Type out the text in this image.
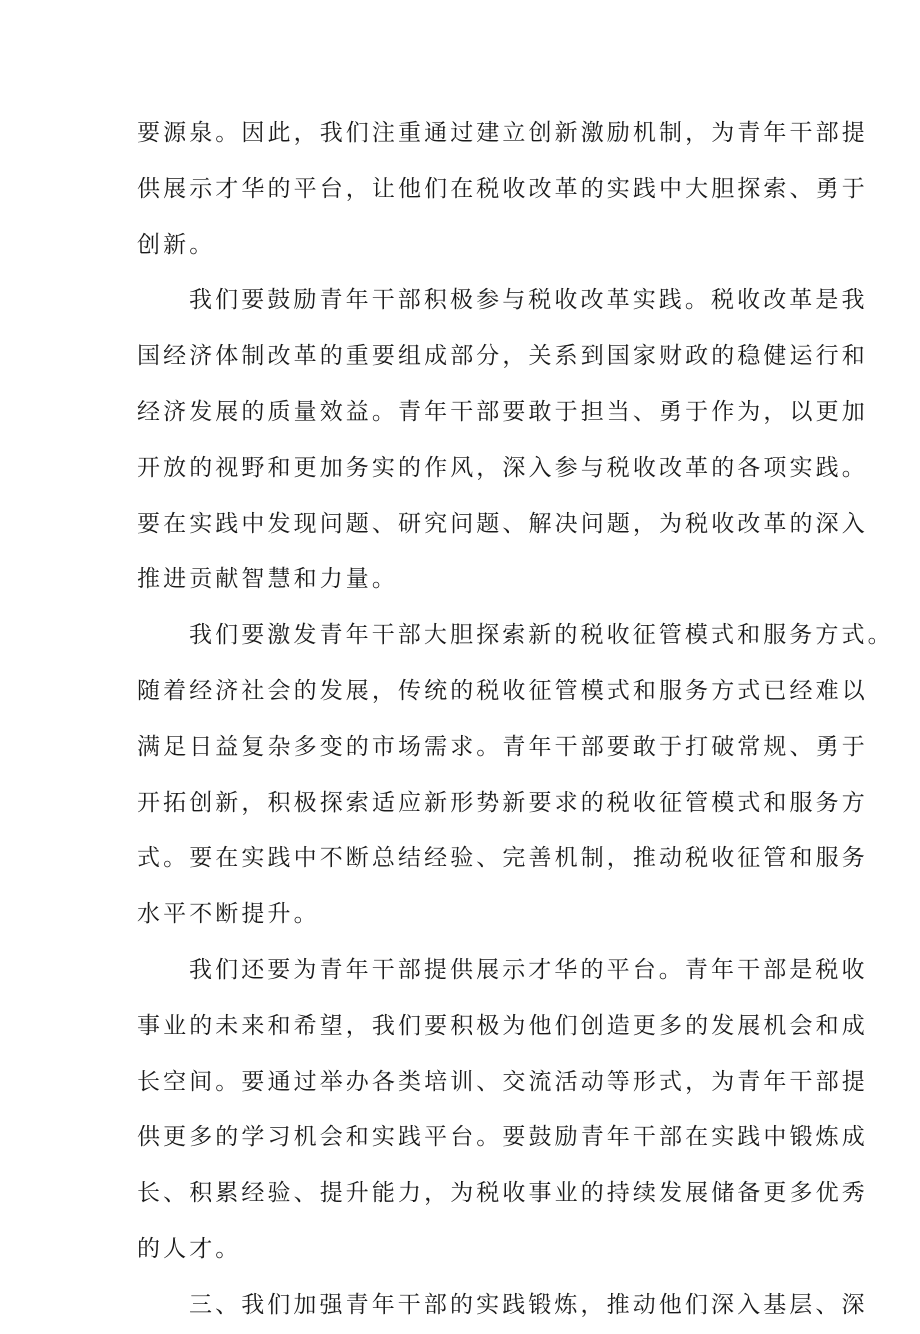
要源泉。因此，我们注重通过建立创新激励机制，为青年干部提
供展示才华的平台，让他们在税收改革的实践中大胆探索、勇于
创新。
我们要鼓励青年干部积极参与税收改革实践。税收改革是我
国经济体制改革的重要组成部分，关系到国家财政的稳健运行和
经济发展的质量效益。青年干部要敢于担当、勇于作为，以更加
开放的视野和更加务实的作风，深入参与税收改革的各项实践。
要在实践中发现问题、研究问题、解决问题，为税收改革的深入
推进贡献智慧和力量。
我们要激发青年干部大胆探索新的税收征管模式和服务方式。
随着经济社会的发展，传统的税收征管模式和服务方式已经难以
满足日益复杂多变的市场需求。青年干部要敢于打破常规、勇于
开拓创新，积极探索适应新形势新要求的税收征管模式和服务方
式。要在实践中不断总结经验、完善机制，推动税收征管和服务
水平不断提升。
我们还要为青年干部提供展示才华的平台。青年干部是税收
事业的未来和希望，我们要积极为他们创造更多的发展机会和成
长空间。要通过举办各类培训、交流活动等形式，为青年干部提
供更多的学习机会和实践平台。要鼓励青年干部在实践中锻炼成
长、积累经验、提升能力，为税收事业的持续发展储备更多优秀
的人才。
三、我们加强青年干部的实践锻炼，推动他们深入基层、深
